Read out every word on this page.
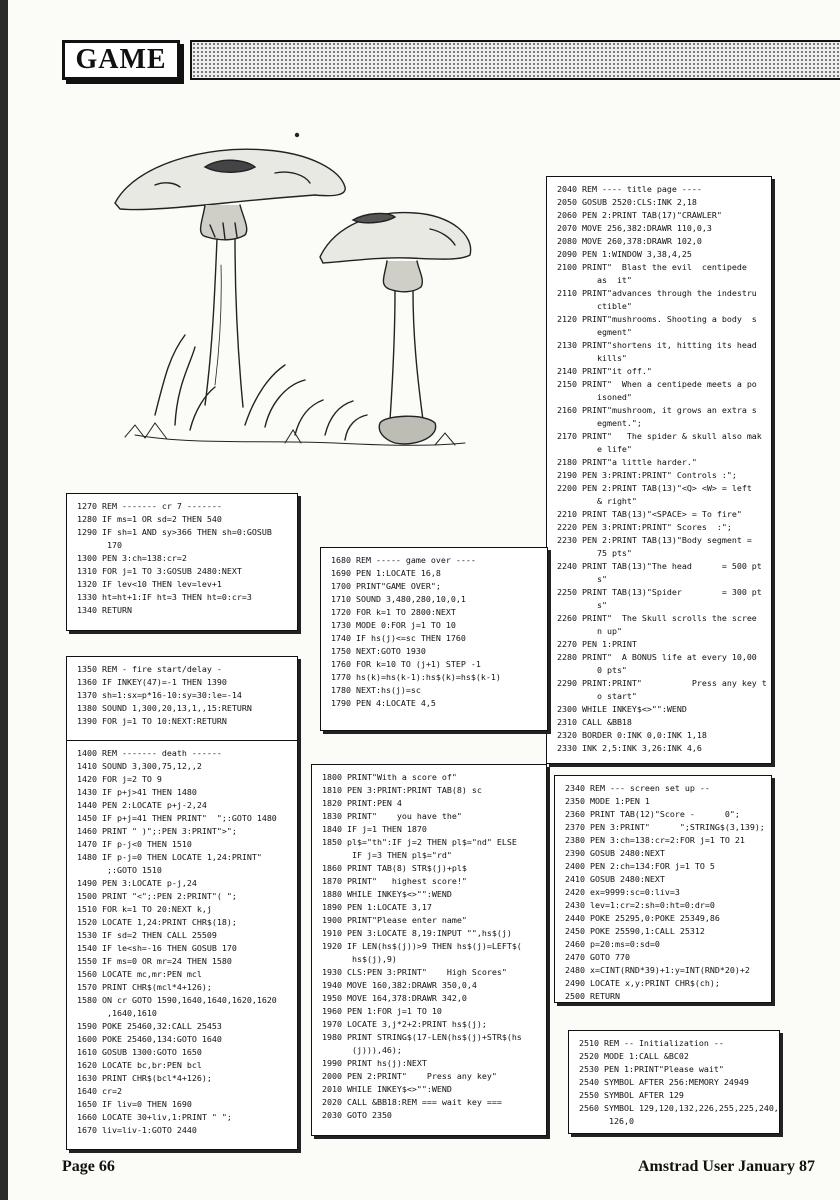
GAME
2040 REM ---- title page ----
2050 GOSUB 2520:CLS:INK 2,18
2060 PEN 2:PRINT TAB(17)"CRAWLER"
2070 MOVE 256,382:DRAWR 110,0,3
2080 MOVE 260,378:DRAWR 102,0
2090 PEN 1:WINDOW 3,38,4,25
2100 PRINT"  Blast the evil  centipede
as  it"
2110 PRINT"advances through the indestru
ctible"
2120 PRINT"mushrooms. Shooting a body  s
egment"
2130 PRINT"shortens it, hitting its head
kills"
2140 PRINT"it off."
2150 PRINT"  When a centipede meets a po
isoned"
2160 PRINT"mushroom, it grows an extra s
egment.";
2170 PRINT"   The spider & skull also mak
e life"
2180 PRINT"a little harder."
2190 PEN 3:PRINT:PRINT" Controls :";
2200 PEN 2:PRINT TAB(13)"<Q> <W> = left
& right"
2210 PRINT TAB(13)"<SPACE> = To fire"
2220 PEN 3:PRINT:PRINT" Scores  :";
2230 PEN 2:PRINT TAB(13)"Body segment =
75 pts"
2240 PRINT TAB(13)"The head      = 500 pt
s"
2250 PRINT TAB(13)"Spider        = 300 pt
s"
2260 PRINT"  The Skull scrolls the scree
n up"
2270 PEN 1:PRINT
2280 PRINT"  A BONUS life at every 10,00
0 pts"
2290 PRINT:PRINT"          Press any key t
o start"
2300 WHILE INKEY$<>"":WEND
2310 CALL &BB18
2320 BORDER 0:INK 0,0:INK 1,18
2330 INK 2,5:INK 3,26:INK 4,6
1270 REM ------- cr 7 -------
1280 IF ms=1 OR sd=2 THEN 540
1290 IF sh=1 AND sy>366 THEN sh=0:GOSUB
170
1300 PEN 3:ch=138:cr=2
1310 FOR j=1 TO 3:GOSUB 2480:NEXT
1320 IF lev<10 THEN lev=lev+1
1330 ht=ht+1:IF ht=3 THEN ht=0:cr=3
1340 RETURN
1680 REM ----- game over ----
1690 PEN 1:LOCATE 16,8
1700 PRINT"GAME OVER";
1710 SOUND 3,480,280,10,0,1
1720 FOR k=1 TO 2800:NEXT
1730 MODE 0:FOR j=1 TO 10
1740 IF hs(j)<=sc THEN 1760
1750 NEXT:GOTO 1930
1760 FOR k=10 TO (j+1) STEP -1
1770 hs(k)=hs(k-1):hs$(k)=hs$(k-1)
1780 NEXT:hs(j)=sc
1790 PEN 4:LOCATE 4,5
1350 REM - fire start/delay -
1360 IF INKEY(47)=-1 THEN 1390
1370 sh=1:sx=p*16-10:sy=30:le=-14
1380 SOUND 1,300,20,13,1,,15:RETURN
1390 FOR j=1 TO 10:NEXT:RETURN
1400 REM ------- death ------
1410 SOUND 3,300,75,12,,2
1420 FOR j=2 TO 9
1430 IF p+j>41 THEN 1480
1440 PEN 2:LOCATE p+j-2,24
1450 IF p+j=41 THEN PRINT"  ";:GOTO 1480
1460 PRINT " )";:PEN 3:PRINT">";
1470 IF p-j<0 THEN 1510
1480 IF p-j=0 THEN LOCATE 1,24:PRINT"
;:GOTO 1510
1490 PEN 3:LOCATE p-j,24
1500 PRINT "<";:PEN 2:PRINT"( ";
1510 FOR k=1 TO 20:NEXT k,j
1520 LOCATE 1,24:PRINT CHR$(18);
1530 IF sd=2 THEN CALL 25509
1540 IF le<sh=-16 THEN GOSUB 170
1550 IF ms=0 OR mr=24 THEN 1580
1560 LOCATE mc,mr:PEN mcl
1570 PRINT CHR$(mcl*4+126);
1580 ON cr GOTO 1590,1640,1640,1620,1620
,1640,1610
1590 POKE 25460,32:CALL 25453
1600 POKE 25460,134:GOTO 1640
1610 GOSUB 1300:GOTO 1650
1620 LOCATE bc,br:PEN bcl
1630 PRINT CHR$(bcl*4+126);
1640 cr=2
1650 IF liv=0 THEN 1690
1660 LOCATE 30+liv,1:PRINT " ";
1670 liv=liv-1:GOTO 2440
1800 PRINT"With a score of"
1810 PEN 3:PRINT:PRINT TAB(8) sc
1820 PRINT:PEN 4
1830 PRINT"    you have the"
1840 IF j=1 THEN 1870
1850 pl$="th":IF j=2 THEN pl$="nd" ELSE
IF j=3 THEN pl$="rd"
1860 PRINT TAB(8) STR$(j)+pl$
1870 PRINT"   highest score!"
1880 WHILE INKEY$<>"":WEND
1890 PEN 1:LOCATE 3,17
1900 PRINT"Please enter name"
1910 PEN 3:LOCATE 8,19:INPUT "",hs$(j)
1920 IF LEN(hs$(j))>9 THEN hs$(j)=LEFT$(
hs$(j),9)
1930 CLS:PEN 3:PRINT"    High Scores"
1940 MOVE 160,382:DRAWR 350,0,4
1950 MOVE 164,378:DRAWR 342,0
1960 PEN 1:FOR j=1 TO 10
1970 LOCATE 3,j*2+2:PRINT hs$(j);
1980 PRINT STRING$(17-LEN(hs$(j)+STR$(hs
(j))),46);
1990 PRINT hs(j):NEXT
2000 PEN 2:PRINT"    Press any key"
2010 WHILE INKEY$<>"":WEND
2020 CALL &BB18:REM === wait key ===
2030 GOTO 2350
2340 REM --- screen set up --
2350 MODE 1:PEN 1
2360 PRINT TAB(12)"Score -      0";
2370 PEN 3:PRINT"      ";STRING$(3,139);
2380 PEN 3:ch=138:cr=2:FOR j=1 TO 21
2390 GOSUB 2480:NEXT
2400 PEN 2:ch=134:FOR j=1 TO 5
2410 GOSUB 2480:NEXT
2420 ex=9999:sc=0:liv=3
2430 lev=1:cr=2:sh=0:ht=0:dr=0
2440 POKE 25295,0:POKE 25349,86
2450 POKE 25590,1:CALL 25312
2460 p=20:ms=0:sd=0
2470 GOTO 770
2480 x=CINT(RND*39)+1:y=INT(RND*20)+2
2490 LOCATE x,y:PRINT CHR$(ch);
2500 RETURN
2510 REM -- Initialization --
2520 MODE 1:CALL &BC02
2530 PEN 1:PRINT"Please wait"
2540 SYMBOL AFTER 256:MEMORY 24949
2550 SYMBOL AFTER 129
2560 SYMBOL 129,120,132,226,255,225,240,
126,0
Page 66	Amstrad User January 87
